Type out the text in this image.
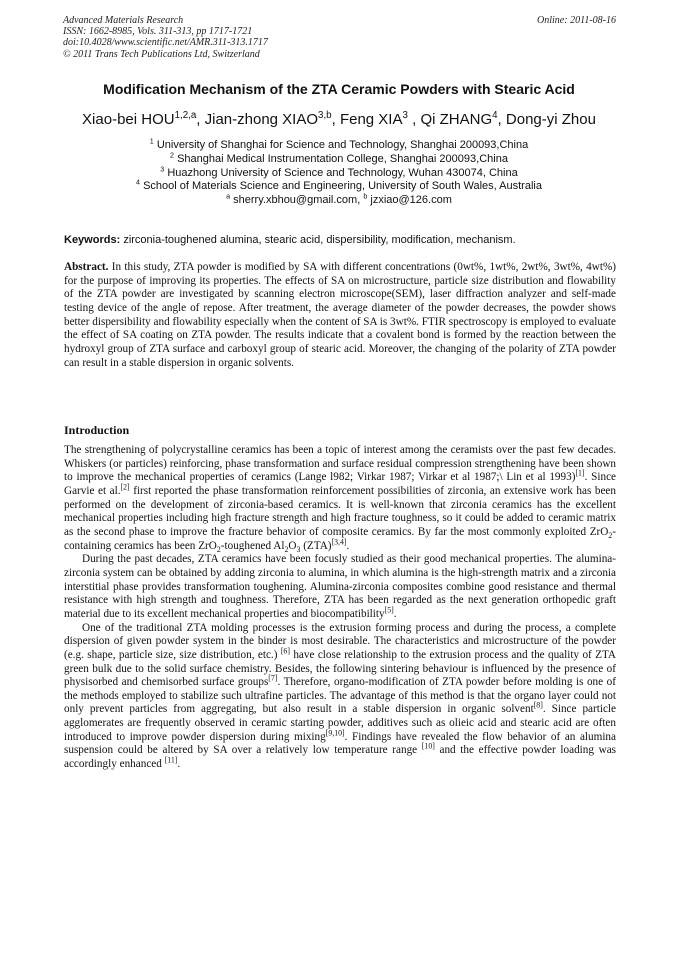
Advanced Materials Research
ISSN: 1662-8985, Vols. 311-313, pp 1717-1721
doi:10.4028/www.scientific.net/AMR.311-313.1717
© 2011 Trans Tech Publications Ltd, Switzerland
Online: 2011-08-16
Modification Mechanism of the ZTA Ceramic Powders with Stearic Acid
Xiao-bei HOU$^{1,2,a}$, Jian-zhong XIAO$^{3,b}$, Feng XIA$^3$ , Qi ZHANG$^4$, Dong-yi Zhou
$^1$ University of Shanghai for Science and Technology, Shanghai 200093,China
$^2$ Shanghai Medical Instrumentation College, Shanghai 200093,China
$^3$ Huazhong University of Science and Technology, Wuhan 430074, China
$^4$ School of Materials Science and Engineering, University of South Wales, Australia
$^a$ sherry.xbhou@gmail.com, $^b$ jzxiao@126.com
Keywords: zirconia-toughened alumina, stearic acid, dispersibility, modification, mechanism.
Abstract. In this study, ZTA powder is modified by SA with different concentrations (0wt%, 1wt%, 2wt%, 3wt%, 4wt%) for the purpose of improving its properties. The effects of SA on microstructure, particle size distribution and flowability of the ZTA powder are investigated by scanning electron microscope(SEM), laser diffraction analyzer and self-made testing device of the angle of repose. After treatment, the average diameter of the powder decreases, the powder shows better dispersibility and flowability especially when the content of SA is 3wt%. FTIR spectroscopy is employed to evaluate the effect of SA coating on ZTA powder. The results indicate that a covalent bond is formed by the reaction between the hydroxyl group of ZTA surface and carboxyl group of stearic acid. Moreover, the changing of the polarity of ZTA powder can result in a stable dispersion in organic solvents.
Introduction

The strengthening of polycrystalline ceramics has been a topic of interest among the ceramists over the past few decades. Whiskers (or particles) reinforcing, phase transformation and surface residual compression strengthening have been shown to improve the mechanical properties of ceramics (Lange l982; Virkar 1987; Virkar et al 1987;\ Lin et al 1993)[1]. Since Garvie et al.[2] first reported the phase transformation reinforcement possibilities of zirconia, an extensive work has been performed on the development of zirconia-based ceramics. It is well-known that zirconia ceramics has the excellent mechanical properties including high fracture strength and high fracture toughness, so it could be added to ceramic matrix as the second phase to improve the fracture behavior of composite ceramics. By far the most commonly exploited ZrO$_2$-containing ceramics has been ZrO$_2$-toughened $Al_2O_3$ (ZTA)[3,4].

During the past decades, ZTA ceramics have been focusly studied as their good mechanical properties. The alumina-zirconia system can be obtained by adding zirconia to alumina, in which alumina is the high-strength matrix and a zirconia interstitial phase provides transformation toughening. Alumina-zirconia composites combine good resistance and thermal resistance with high strength and toughness. Therefore, ZTA has been regarded as the next generation orthopedic graft material due to its excellent mechanical properties and biocompatibility[5].

One of the traditional ZTA molding processes is the extrusion forming process and during the process, a complete dispersion of given powder system in the binder is most desirable. The characteristics and microstructure of the powder (e.g. shape, particle size, size distribution, etc.) [6] have close relationship to the extrusion process and the quality of ZTA green bulk due to the solid surface chemistry. Besides, the following sintering behaviour is influenced by the presence of physisorbed and chemisorbed surface groups[7]. Therefore, organo-modification of ZTA powder before molding is one of the methods employed to stabilize such ultrafine particles. The advantage of this method is that the organo layer could not only prevent particles from aggregating, but also result in a stable dispersion in organic solvent[8]. Since particle agglomerates are frequently observed in ceramic starting powder, additives such as olieic acid and stearic acid are often introduced to improve powder dispersion during mixing[9,10]. Findings have revealed the flow behavior of an alumina suspension could be altered by SA over a relatively low temperature range [10] and the effective powder loading was accordingly enhanced [11].
